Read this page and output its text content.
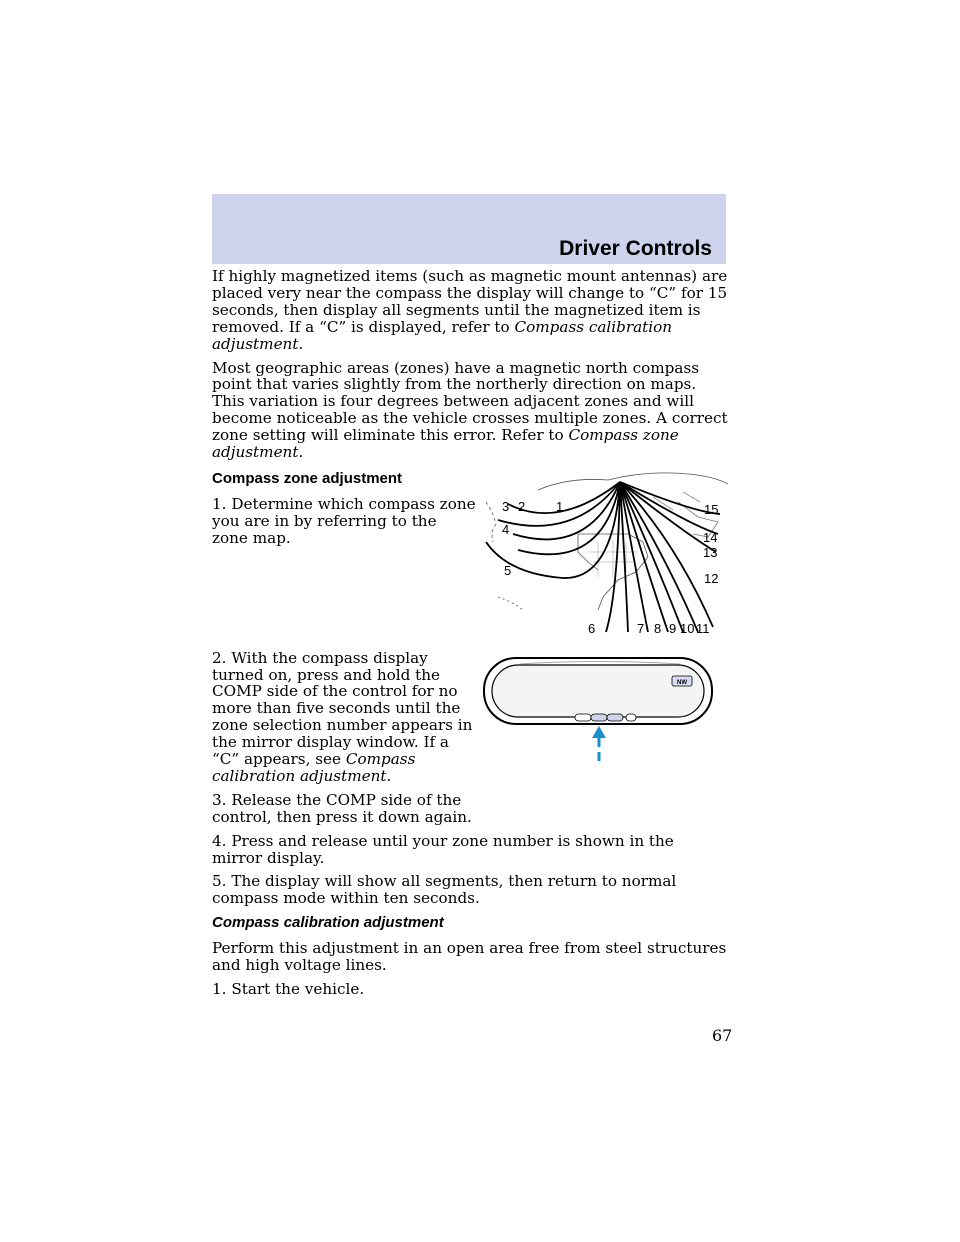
Driver Controls

If highly magnetized items (such as magnetic mount antennas) are placed very near the compass the display will change to “C” for 15 seconds, then display all segments until the magnetized item is removed. If a “C” is displayed, refer to Compass calibration adjustment.

Most geographic areas (zones) have a magnetic north compass point that varies slightly from the northerly direction on maps. This variation is four degrees between adjacent zones and will become noticeable as the vehicle crosses multiple zones. A correct zone setting will eliminate this error. Refer to Compass zone adjustment.

Compass zone adjustment

1. Determine which compass zone you are in by referring to the zone map.

2. With the compass display turned on, press and hold the COMP side of the control for no more than five seconds until the zone selection number appears in the mirror display window. If a “C” appears, see Compass calibration adjustment.

3. Release the COMP side of the control, then press it down again.

4. Press and release until your zone number is shown in the mirror display.

5. The display will show all segments, then return to normal compass mode within ten seconds.

Compass calibration adjustment

Perform this adjustment in an open area free from steel structures and high voltage lines.

1. Start the vehicle.

3 2 1
4
5
6	7 8 9 10 11
12
13
14
15
NW
67
